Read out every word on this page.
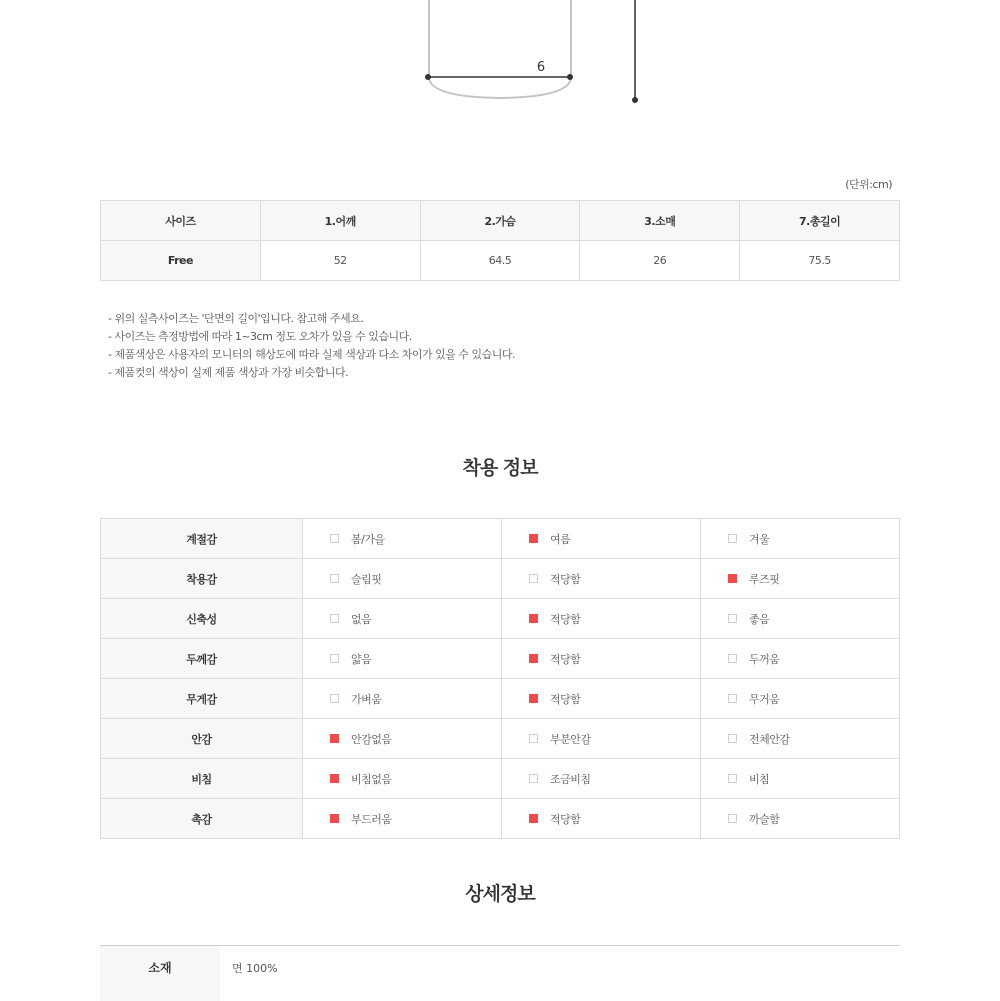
6
(단위:cm)
사이즈	1.어깨	2.가슴	3.소매	7.총길이
Free	52	64.5	26	75.5
- 위의 실측사이즈는 '단면의 길이'입니다. 참고해 주세요.
- 사이즈는 측정방법에 따라 1~3cm 정도 오차가 있을 수 있습니다.
- 제품색상은 사용자의 모니터의 해상도에 따라 실제 색상과 다소 차이가 있을 수 있습니다.
- 제품컷의 색상이 실제 제품 색상과 가장 비슷합니다.
착용 정보
계절감	봄/가을	여름	겨울
착용감	슬림핏	적당함	루즈핏
신축성	없음	적당함	좋음
두께감	얇음	적당함	두꺼움
무게감	가벼움	적당함	무거움
안감	안감없음	부분안감	전체안감
비침	비침없음	조금비침	비침
촉감	부드러움	적당함	까슬함
상세정보
소재	면 100%
